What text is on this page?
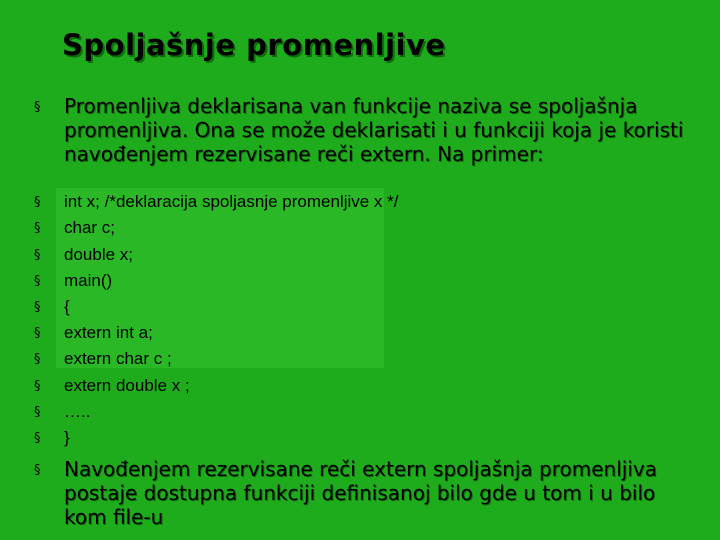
Spoljašnje promenljive
§ Promenljiva deklarisana van funkcije naziva se spoljašnja promenljiva. Ona se može deklarisati i u funkciji koja je koristi navođenjem rezervisane reči extern. Na primer:
§ int x; /*deklaracija spoljasnje promenljive x */
§ char c;
§ double x;
§ main()
§ {
§ extern int a;
§ extern char c ;
§ extern double x ;
§ …..
§ }
§ Navođenjem rezervisane reči extern spoljašnja promenljiva postaje dostupna funkciji definisanoj bilo gde u tom i u bilo kom file-u
